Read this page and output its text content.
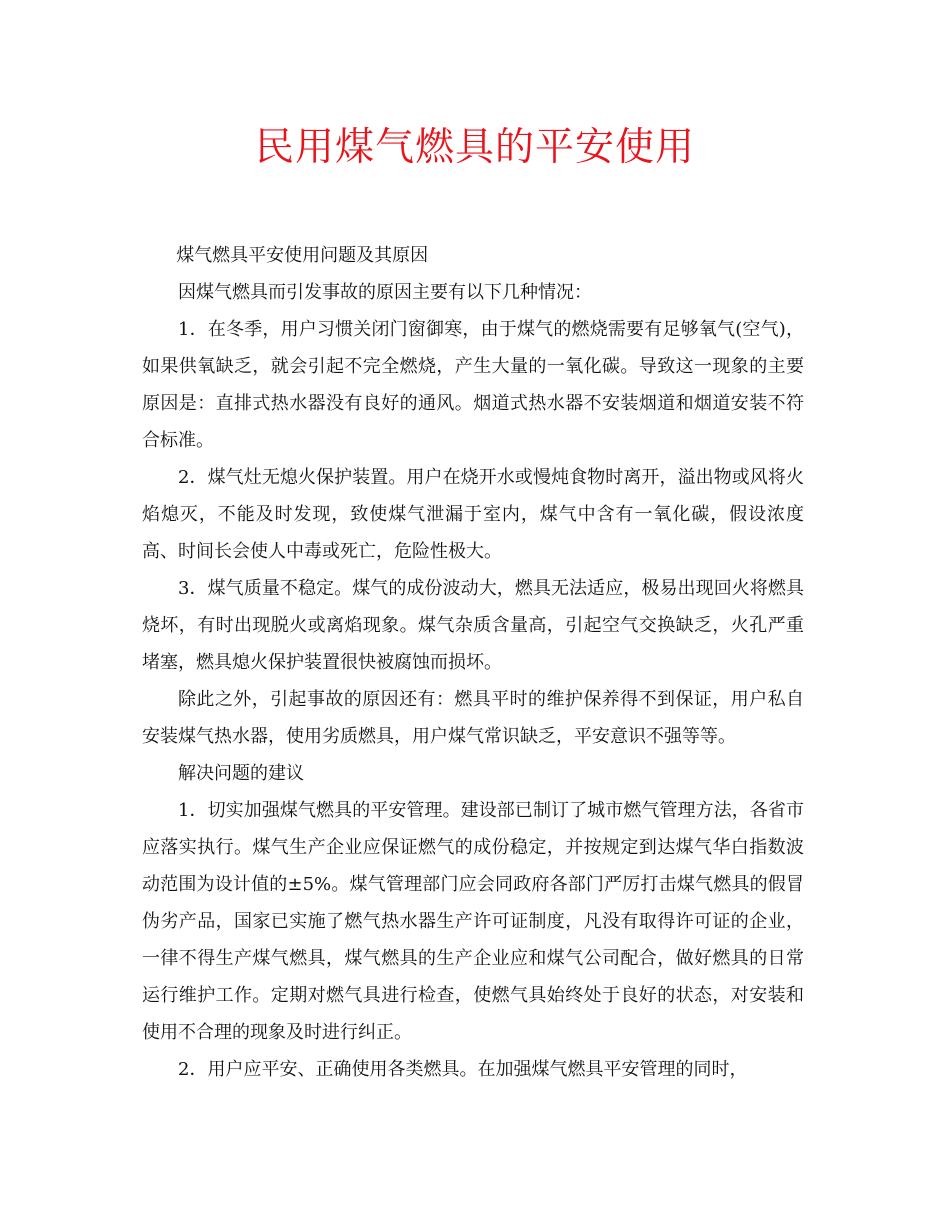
民用煤气燃具的平安使用

煤气燃具平安使用问题及其原因

因煤气燃具而引发事故的原因主要有以下几种情况：

1．在冬季，用户习惯关闭门窗御寒，由于煤气的燃烧需要有足够氧气(空气)，如果供氧缺乏，就会引起不完全燃烧，产生大量的一氧化碳。导致这一现象的主要原因是：直排式热水器没有良好的通风。烟道式热水器不安装烟道和烟道安装不符合标准。

2．煤气灶无熄火保护装置。用户在烧开水或慢炖食物时离开，溢出物或风将火焰熄灭，不能及时发现，致使煤气泄漏于室内，煤气中含有一氧化碳，假设浓度高、时间长会使人中毒或死亡，危险性极大。

3．煤气质量不稳定。煤气的成份波动大，燃具无法适应，极易出现回火将燃具烧坏，有时出现脱火或离焰现象。煤气杂质含量高，引起空气交换缺乏，火孔严重堵塞，燃具熄火保护装置很快被腐蚀而损坏。

除此之外，引起事故的原因还有：燃具平时的维护保养得不到保证，用户私自安装煤气热水器，使用劣质燃具，用户煤气常识缺乏，平安意识不强等等。

解决问题的建议

1．切实加强煤气燃具的平安管理。建设部已制订了城市燃气管理方法，各省市应落实执行。煤气生产企业应保证燃气的成份稳定，并按规定到达煤气华白指数波动范围为设计值的±5%。煤气管理部门应会同政府各部门严厉打击煤气燃具的假冒伪劣产品，国家已实施了燃气热水器生产许可证制度，凡没有取得许可证的企业，一律不得生产煤气燃具，煤气燃具的生产企业应和煤气公司配合，做好燃具的日常运行维护工作。定期对燃气具进行检查，使燃气具始终处于良好的状态，对安装和使用不合理的现象及时进行纠正。

2．用户应平安、正确使用各类燃具。在加强煤气燃具平安管理的同时，
